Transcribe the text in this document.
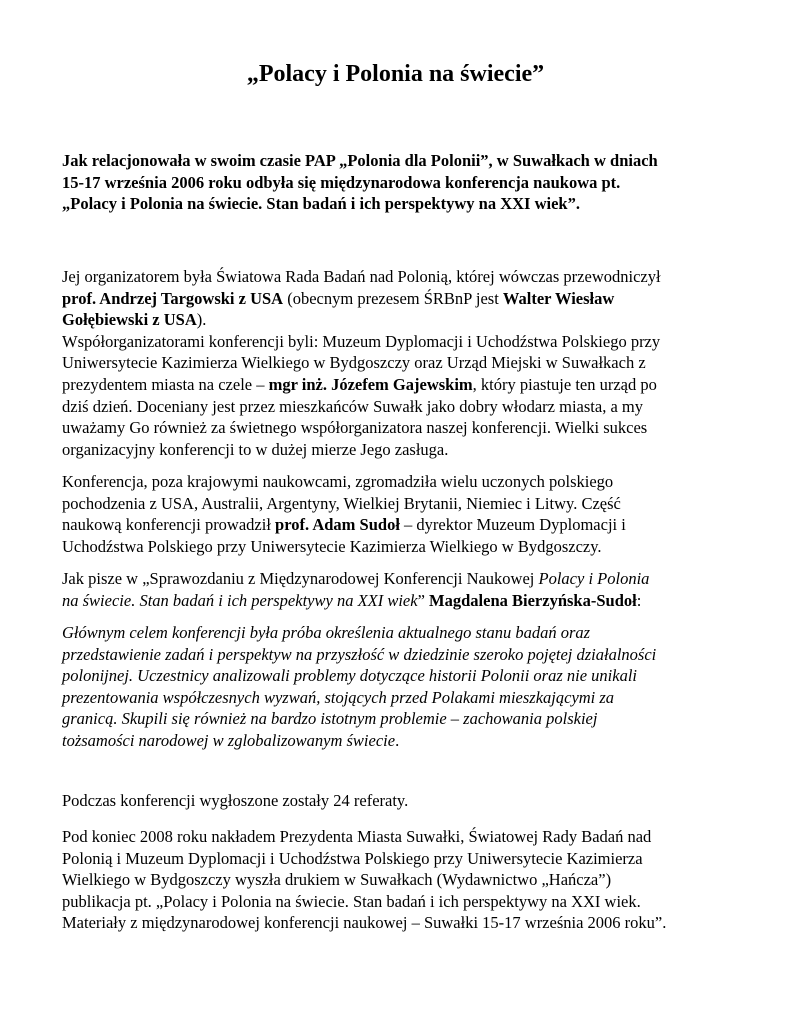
„Polacy i Polonia na świecie”
Jak relacjonowała w swoim czasie PAP „Polonia dla Polonii”, w Suwałkach w dniach
15-17 września 2006 roku odbyła się międzynarodowa konferencja naukowa pt.
„Polacy i Polonia na świecie. Stan badań i ich perspektywy na XXI wiek”.
Jej organizatorem była Światowa Rada Badań nad Polonią, której wówczas przewodniczył
prof. Andrzej Targowski z USA (obecnym prezesem ŚRBnP jest Walter Wiesław
Gołębiewski z USA).
Współorganizatorami konferencji byli: Muzeum Dyplomacji i Uchodźstwa Polskiego przy
Uniwersytecie Kazimierza Wielkiego w Bydgoszczy oraz Urząd Miejski w Suwałkach z
prezydentem miasta na czele – mgr inż. Józefem Gajewskim, który piastuje ten urząd po
dziś dzień. Doceniany jest przez mieszkańców Suwałk jako dobry włodarz miasta, a my
uważamy Go również za świetnego współorganizatora naszej konferencji. Wielki sukces
organizacyjny konferencji to w dużej mierze Jego zasługa.
Konferencja, poza krajowymi naukowcami, zgromadziła wielu uczonych polskiego
pochodzenia z USA, Australii, Argentyny, Wielkiej Brytanii, Niemiec i Litwy. Część
naukową konferencji prowadził prof. Adam Sudoł – dyrektor Muzeum Dyplomacji i
Uchodźstwa Polskiego przy Uniwersytecie Kazimierza Wielkiego w Bydgoszczy.
Jak pisze w „Sprawozdaniu z Międzynarodowej Konferencji Naukowej Polacy i Polonia
na świecie. Stan badań i ich perspektywy na XXI wiek” Magdalena Bierzyńska-Sudoł:
Głównym celem konferencji była próba określenia aktualnego stanu badań oraz
przedstawienie zadań i perspektyw na przyszłość w dziedzinie szeroko pojętej działalności
polonijnej. Uczestnicy analizowali problemy dotyczące historii Polonii oraz nie unikali
prezentowania współczesnych wyzwań, stojących przed Polakami mieszkającymi za
granicą. Skupili się również na bardzo istotnym problemie – zachowania polskiej
tożsamości narodowej w zglobalizowanym świecie.
Podczas konferencji wygłoszone zostały 24 referaty.
Pod koniec 2008 roku nakładem Prezydenta Miasta Suwałki, Światowej Rady Badań nad
Polonią i Muzeum Dyplomacji i Uchodźstwa Polskiego przy Uniwersytecie Kazimierza
Wielkiego w Bydgoszczy wyszła drukiem w Suwałkach (Wydawnictwo „Hańcza”)
publikacja pt. „Polacy i Polonia na świecie. Stan badań i ich perspektywy na XXI wiek.
Materiały z międzynarodowej konferencji naukowej – Suwałki 15-17 września 2006 roku”.
